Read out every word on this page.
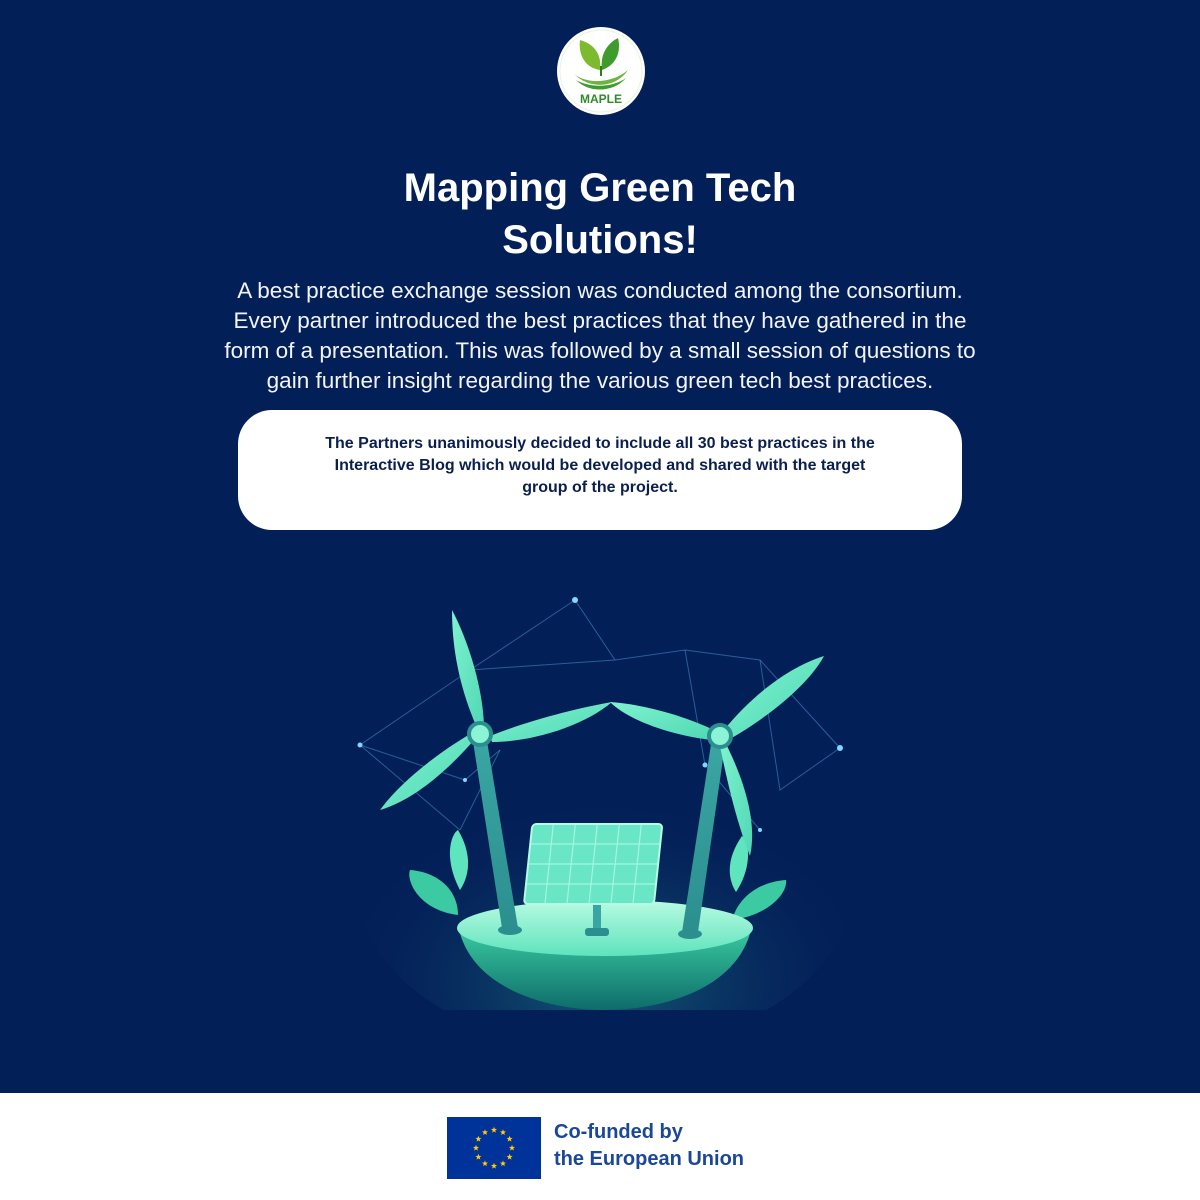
MAPLE
Mapping Green Tech
Solutions!

A best practice exchange session was conducted among the consortium.
Every partner introduced the best practices that they have gathered in the
form of a presentation. This was followed by a small session of questions to
gain further insight regarding the various green tech best practices.

The Partners unanimously decided to include all 30 best practices in the
Interactive Blog which would be developed and shared with the target
group of the project.

Co-funded by
the European Union
